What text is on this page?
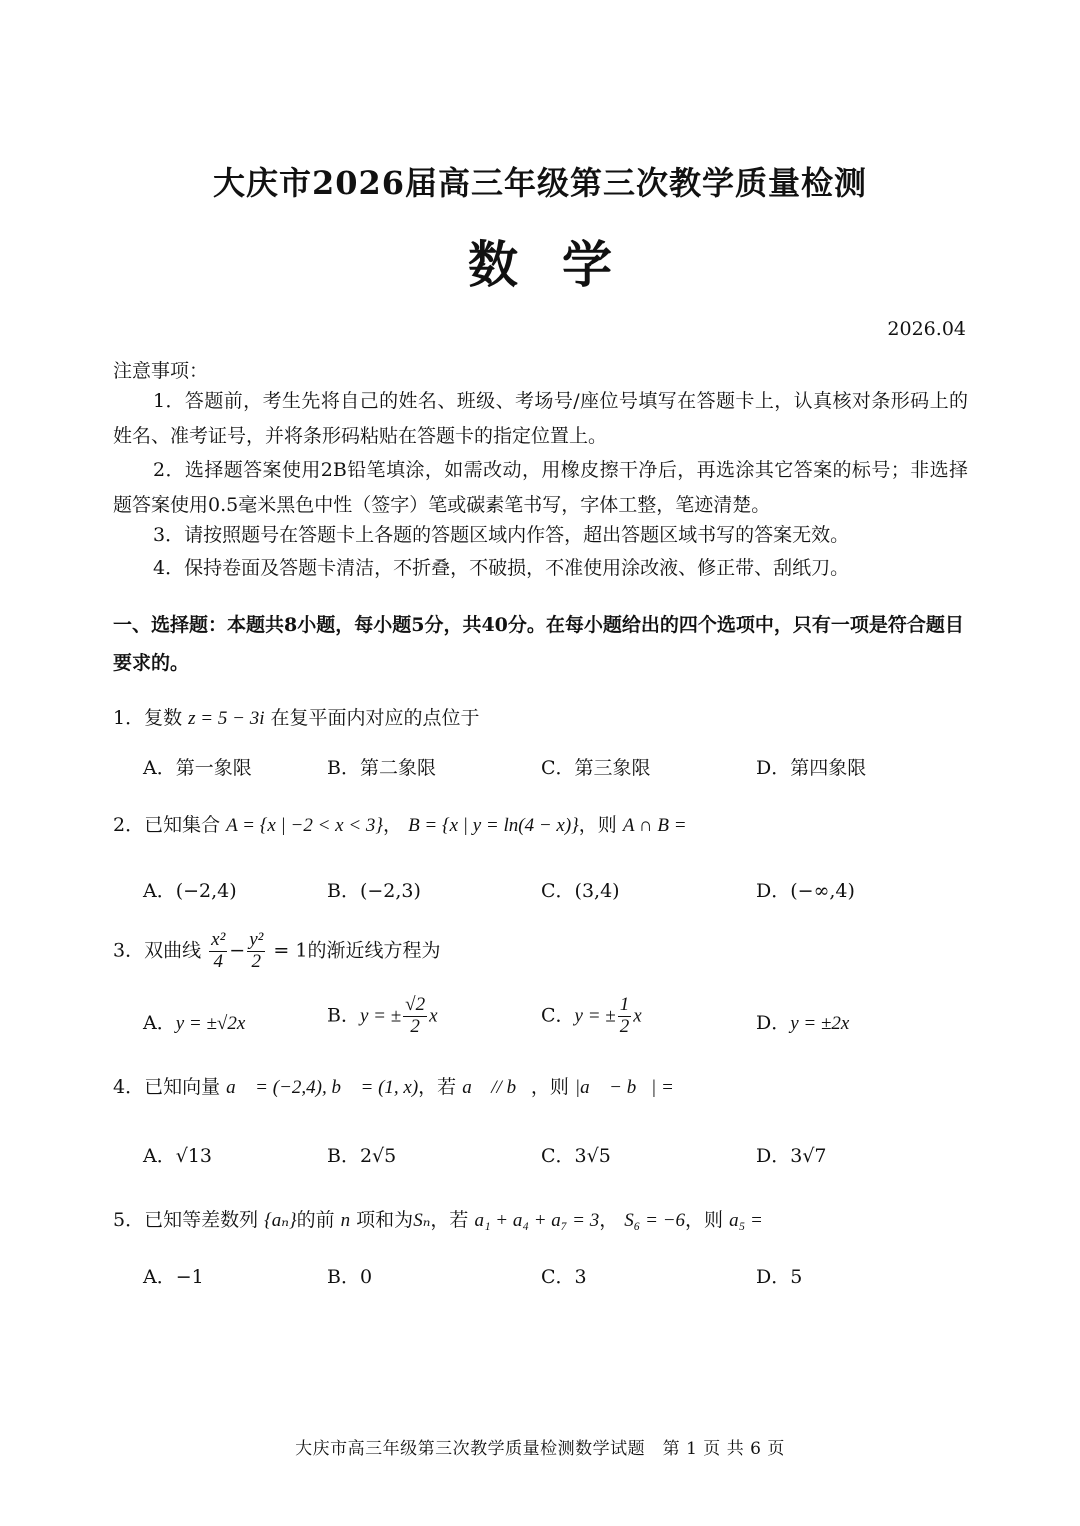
大庆市2026届高三年级第三次教学质量检测
数学
2026.04
注意事项：
1．答题前，考生先将自己的姓名、班级、考场号/座位号填写在答题卡上，认真核对条形码上的姓名、准考证号，并将条形码粘贴在答题卡的指定位置上。
2．选择题答案使用2B铅笔填涂，如需改动，用橡皮擦干净后，再选涂其它答案的标号；非选择题答案使用0.5毫米黑色中性（签字）笔或碳素笔书写，字体工整，笔迹清楚。
3．请按照题号在答题卡上各题的答题区域内作答，超出答题区域书写的答案无效。
4．保持卷面及答题卡清洁，不折叠，不破损，不准使用涂改液、修正带、刮纸刀。
一、选择题：本题共8小题，每小题5分，共40分。在每小题给出的四个选项中，只有一项是符合题目要求的。
1．复数 z = 5 − 3i 在复平面内对应的点位于
A．第一象限	B．第二象限	C．第三象限	D．第四象限
2．已知集合 A = {x | −2 < x < 3}， B = {x | y = ln(4 − x)}，则 A ∩ B =
A．(−2,4)	B．(−2,3)	C．(3,4)	D．(−∞,4)
3．双曲线 $\frac{\text{x²}}{4} - \frac{\text{y²}}{2} = 1$的渐近线方程为
A．y = ±√2x	B．y = ± $\frac{√2}{2}$ x	C．y = ± $\frac{1}{2}$ x	D．y = ±2x
4．已知向量 a⃗ = (−2,4), b⃗ = (1, x)，若 a⃗ // b⃗，则 |a⃗ − b⃗| =
A．√13	B．2√5	C．3√5	D．3√7
5．已知等差数列 {aₙ}的前 n 项和为Sₙ，若 a₁ + a₄ + a₇ = 3， S₆ = −6，则 a₅ =
A．−1	B．0	C．3	D．5
大庆市高三年级第三次教学质量检测数学试题　第 1 页 共 6 页
